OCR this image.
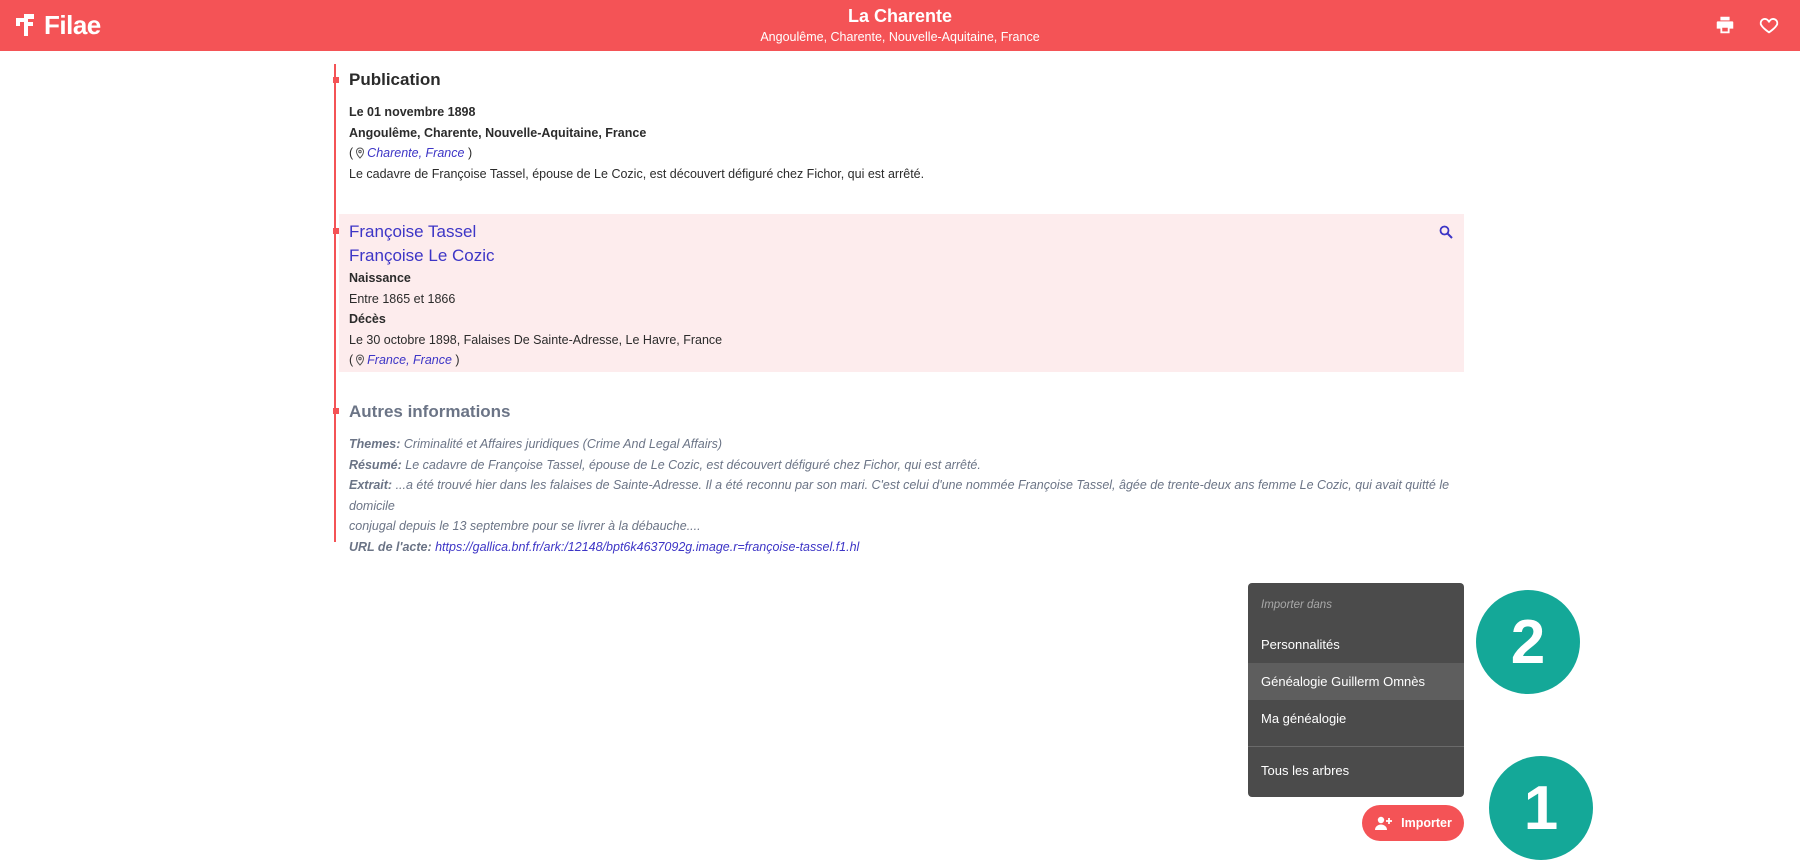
Filae	La Charente
Angoulême, Charente, Nouvelle-Aquitaine, France
Publication
Le 01 novembre 1898
Angoulême, Charente, Nouvelle-Aquitaine, France
( Charente, France )
Le cadavre de Françoise Tassel, épouse de Le Cozic, est découvert défiguré chez Fichor, qui est arrêté.
Françoise Tassel
Françoise Le Cozic
Naissance
Entre 1865 et 1866
Décès
Le 30 octobre 1898, Falaises De Sainte-Adresse, Le Havre, France
( France, France )
Autres informations
Themes: Criminalité et Affaires juridiques (Crime And Legal Affairs)
Résumé: Le cadavre de Françoise Tassel, épouse de Le Cozic, est découvert défiguré chez Fichor, qui est arrêté.
Extrait: ...a été trouvé hier dans les falaises de Sainte-Adresse. Il a été reconnu par son mari. C'est celui d'une nommée Françoise Tassel, âgée de trente-deux ans femme Le Cozic, qui avait quitté le domicile
conjugal depuis le 13 septembre pour se livrer à la débauche....
URL de l'acte: https://gallica.bnf.fr/ark:/12148/bpt6k4637092g.image.r=françoise-tassel.f1.hl
Importer dans
Personnalités
Généalogie Guillerm Omnès
Ma généalogie
Tous les arbres
Importer
2
1
